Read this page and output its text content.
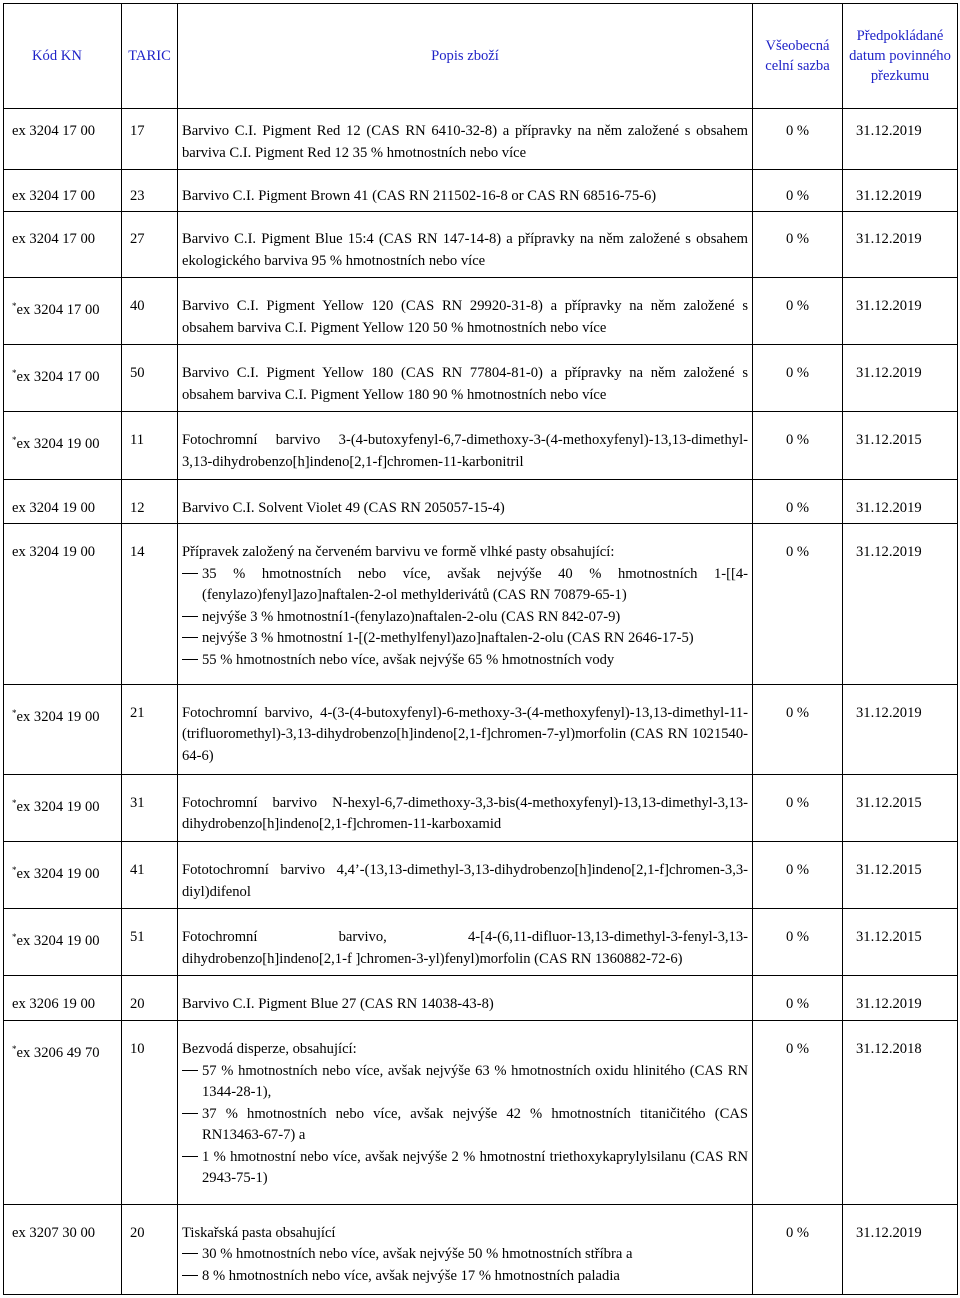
Kód KN	TARIC	Popis zboží	Všeobecná celní sazba	Předpokládané datum povinného přezkumu
ex 3204 17 00	17	Barvivo C.I. Pigment Red 12 (CAS RN 6410-32-8) a přípravky na něm založené s obsahem barviva C.I. Pigment Red 12 35 % hmotnostních nebo více	0 %	31.12.2019
ex 3204 17 00	23	Barvivo C.I. Pigment Brown 41 (CAS RN 211502-16-8 or CAS RN 68516-75-6)	0 %	31.12.2019
ex 3204 17 00	27	Barvivo C.I. Pigment Blue 15:4 (CAS RN 147-14-8) a přípravky na něm založené s obsahem ekologického barviva 95 % hmotnostních nebo více	0 %	31.12.2019
*ex 3204 17 00	40	Barvivo C.I. Pigment Yellow 120 (CAS RN 29920-31-8) a přípravky na něm založené s obsahem barviva C.I. Pigment Yellow 120 50 % hmotnostních nebo více	0 %	31.12.2019
*ex 3204 17 00	50	Barvivo C.I. Pigment Yellow 180 (CAS RN 77804-81-0) a přípravky na něm založené s obsahem barviva C.I. Pigment Yellow 180 90 % hmotnostních nebo více	0 %	31.12.2019
*ex 3204 19 00	11	Fotochromní barvivo 3-(4-butoxyfenyl-6,7-dimethoxy-3-(4-methoxyfenyl)-13,13-dimethyl-3,13-dihydrobenzo[h]indeno[2,1-f]chromen-11-karbonitril	0 %	31.12.2015
ex 3204 19 00	12	Barvivo C.I. Solvent Violet 49 (CAS RN 205057-15-4)	0 %	31.12.2019
ex 3204 19 00	14	Přípravek založený na červeném barvivu ve formě vlhké pasty obsahující:
35 % hmotnostních nebo více, avšak nejvýše 40 % hmotnostních 1-[[4-(fenylazo)fenyl]azo]naftalen-2-ol methylderivátů (CAS RN 70879-65-1)
nejvýše 3 % hmotnostní1-(fenylazo)naftalen-2-olu (CAS RN 842-07-9)
nejvýše 3 % hmotnostní 1-[(2-methylfenyl)azo]naftalen-2-olu (CAS RN 2646-17-5)
55 % hmotnostních nebo více, avšak nejvýše 65 % hmotnostních vody	0 %	31.12.2019
*ex 3204 19 00	21	Fotochromní barvivo, 4-(3-(4-butoxyfenyl)-6-methoxy-3-(4-methoxyfenyl)-13,13-dimethyl-11-(trifluoromethyl)-3,13-dihydrobenzo[h]indeno[2,1-f]chromen-7-yl)morfolin (CAS RN 1021540-64-6)	0 %	31.12.2019
*ex 3204 19 00	31	Fotochromní barvivo N-hexyl-6,7-dimethoxy-3,3-bis(4-methoxyfenyl)-13,13-dimethyl-3,13-dihydrobenzo[h]indeno[2,1-f]chromen-11-karboxamid	0 %	31.12.2015
*ex 3204 19 00	41	Fototochromní barvivo 4,4’-(13,13-dimethyl-3,13-dihydrobenzo[h]indeno[2,1-f]chromen-3,3-diyl)difenol	0 %	31.12.2015
*ex 3204 19 00	51	Fotochromní barvivo, 4-[4-(6,11-difluor-13,13-dimethyl-3-fenyl-3,13-dihydrobenzo[h]indeno[2,1-f ]chromen-3-yl)fenyl)morfolin (CAS RN 1360882-72-6)	0 %	31.12.2015
ex 3206 19 00	20	Barvivo C.I. Pigment Blue 27 (CAS RN 14038-43-8)	0 %	31.12.2019
*ex 3206 49 70	10	Bezvodá disperze, obsahující:
57 % hmotnostních nebo více, avšak nejvýše 63 % hmotnostních oxidu hlinitého (CAS RN 1344-28-1),
37 % hmotnostních nebo více, avšak nejvýše 42 % hmotnostních titaničitého (CAS RN13463-67-7) a
1 % hmotnostní nebo více, avšak nejvýše 2 % hmotnostní triethoxykaprylylsilanu (CAS RN 2943-75-1)	0 %	31.12.2018
ex 3207 30 00	20	Tiskařská pasta obsahující
30 % hmotnostních nebo více, avšak nejvýše 50 % hmotnostních stříbra a
8 % hmotnostních nebo více, avšak nejvýše 17 % hmotnostních paladia	0 %	31.12.2019
